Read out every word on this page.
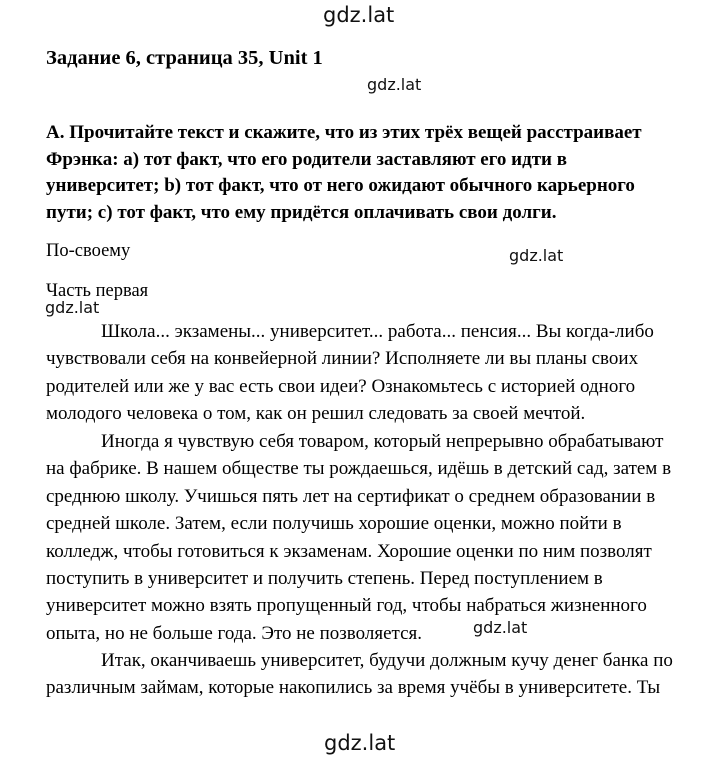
gdz.lat
gdz.lat
gdz.lat
gdz.lat
gdz.lat
gdz.lat
Задание 6, страница 35, Unit 1
A. Прочитайте текст и скажите, что из этих трёх вещей расстраивает
Фрэнка: a) тот факт, что его родители заставляют его идти в
университет; b) тот факт, что от него ожидают обычного карьерного
пути; c) тот факт, что ему придётся оплачивать свои долги.
По-своему
Часть первая
Школа... экзамены... университет... работа... пенсия... Вы когда-либо
чувствовали себя на конвейерной линии? Исполняете ли вы планы своих
родителей или же у вас есть свои идеи? Ознакомьтесь с историей одного
молодого человека о том, как он решил следовать за своей мечтой.
Иногда я чувствую себя товаром, который непрерывно обрабатывают
на фабрике. В нашем обществе ты рождаешься, идёшь в детский сад, затем в
среднюю школу. Учишься пять лет на сертификат о среднем образовании в
средней школе. Затем, если получишь хорошие оценки, можно пойти в
колледж, чтобы готовиться к экзаменам. Хорошие оценки по ним позволят
поступить в университет и получить степень. Перед поступлением в
университет можно взять пропущенный год, чтобы набраться жизненного
опыта, но не больше года. Это не позволяется.
Итак, оканчиваешь университет, будучи должным кучу денег банка по
различным займам, которые накопились за время учёбы в университете. Ты
